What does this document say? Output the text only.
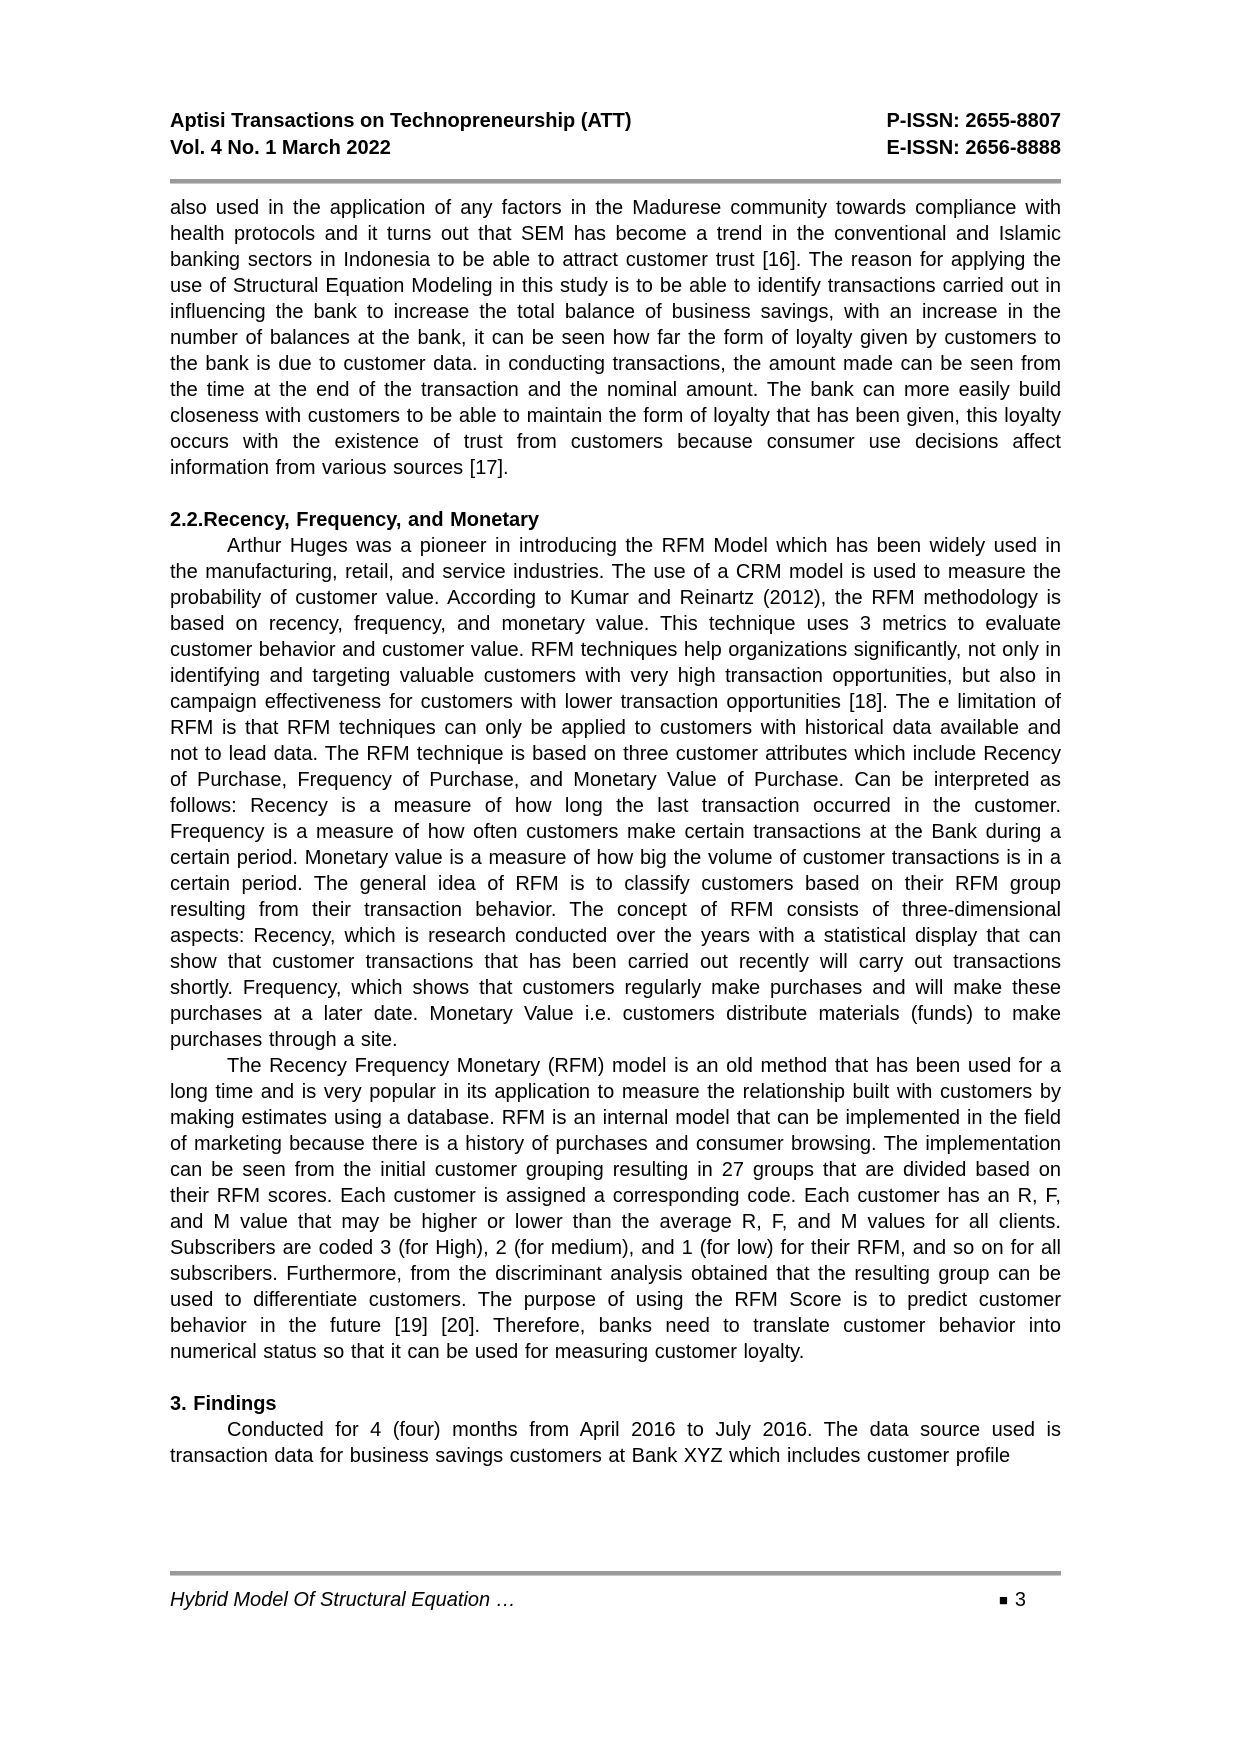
Aptisi Transactions on Technopreneurship (ATT)
Vol. 4 No. 1 March 2022
P-ISSN: 2655-8807
E-ISSN: 2656-8888

also used in the application of any factors in the Madurese community towards compliance with health protocols and it turns out that SEM has become a trend in the conventional and Islamic banking sectors in Indonesia to be able to attract customer trust [16]. The reason for applying the use of Structural Equation Modeling in this study is to be able to identify transactions carried out in influencing the bank to increase the total balance of business savings, with an increase in the number of balances at the bank, it can be seen how far the form of loyalty given by customers to the bank is due to customer data. in conducting transactions, the amount made can be seen from the time at the end of the transaction and the nominal amount. The bank can more easily build closeness with customers to be able to maintain the form of loyalty that has been given, this loyalty occurs with the existence of trust from customers because consumer use decisions affect information from various sources [17].

2.2.Recency, Frequency, and Monetary

Arthur Huges was a pioneer in introducing the RFM Model which has been widely used in the manufacturing, retail, and service industries. The use of a CRM model is used to measure the probability of customer value. According to Kumar and Reinartz (2012), the RFM methodology is based on recency, frequency, and monetary value. This technique uses 3 metrics to evaluate customer behavior and customer value. RFM techniques help organizations significantly, not only in identifying and targeting valuable customers with very high transaction opportunities, but also in campaign effectiveness for customers with lower transaction opportunities [18]. The e limitation of RFM is that RFM techniques can only be applied to customers with historical data available and not to lead data. The RFM technique is based on three customer attributes which include Recency of Purchase, Frequency of Purchase, and Monetary Value of Purchase. Can be interpreted as follows: Recency is a measure of how long the last transaction occurred in the customer. Frequency is a measure of how often customers make certain transactions at the Bank during a certain period. Monetary value is a measure of how big the volume of customer transactions is in a certain period. The general idea of RFM is to classify customers based on their RFM group resulting from their transaction behavior. The concept of RFM consists of three-dimensional aspects: Recency, which is research conducted over the years with a statistical display that can show that customer transactions that has been carried out recently will carry out transactions shortly. Frequency, which shows that customers regularly make purchases and will make these purchases at a later date. Monetary Value i.e. customers distribute materials (funds) to make purchases through a site.

The Recency Frequency Monetary (RFM) model is an old method that has been used for a long time and is very popular in its application to measure the relationship built with customers by making estimates using a database. RFM is an internal model that can be implemented in the field of marketing because there is a history of purchases and consumer browsing. The implementation can be seen from the initial customer grouping resulting in 27 groups that are divided based on their RFM scores. Each customer is assigned a corresponding code. Each customer has an R, F, and M value that may be higher or lower than the average R, F, and M values for all clients. Subscribers are coded 3 (for High), 2 (for medium), and 1 (for low) for their RFM, and so on for all subscribers. Furthermore, from the discriminant analysis obtained that the resulting group can be used to differentiate customers. The purpose of using the RFM Score is to predict customer behavior in the future [19] [20]. Therefore, banks need to translate customer behavior into numerical status so that it can be used for measuring customer loyalty.

3. Findings

Conducted for 4 (four) months from April 2016 to July 2016. The data source used is transaction data for business savings customers at Bank XYZ which includes customer profile

Hybrid Model Of Structural Equation …	■ 3
